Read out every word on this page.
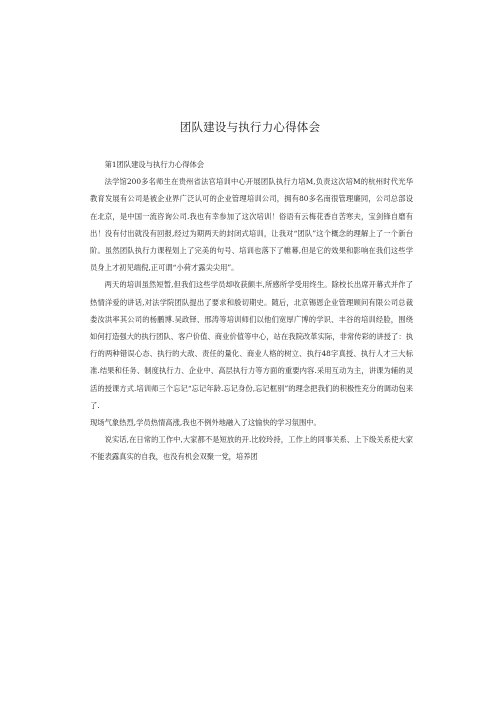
团队建设与执行力心得体会

第1团队建设与执行力心得体会

法学馆200多名师生在贵州省法官培训中心开展团队执行力培M,负责这次培M的杭州时代光华教育发展有公司是被企业界广泛认可的企业管理培训公司，拥有80多名南很管理廉同，公司总部设在北京，是中国一流咨询公司.我也有幸参加了这次培训！俗语有云梅花香自苦寒夫，宝剑锋自磨有出！没有付出就没有回报,经过为期两天的封闭式培训，让我对“团队”这个概念的理解上了一个新台阶。虽然团队执行力课程划上了完美的句号、培训也落下了帷幕,但是它的效果和影响在我们这些学员身上才初见端倪,正可谓“小荷才露尖尖用”。

两天的培训虽然短暂,但我们这些学员却收获颇丰,所感所学受用终生。除校长出席开幕式并作了热情洋爱的讲话,对法学院团队提出了要求和殷切期史。随后，北京锡恩企业管理顾问有限公司总裁娄汝洪率其公司的杨鹏博.吴政铎、邢涛等培训师们以他们宽厚广博的学识、丰谷的培训经脸，围绕如何打造强大的执行团队、客户价值、商业价值等中心，站在我院改革实际，非常传彩的讲授了：执行的两种错误心态、执行的大敌、责任的量化、商业人格的树立、执行48字真授、执行人才三大标准.结果和任务、制度执行力、企业中、高层执行力等方面的重要内容.采用互动为主，讲课为辅的灵活的授课方式.培训师三个忘记“忘记年龄.忘记身份,忘记框别”的理念把我们的积极性充分的调动包来了.

现场气象热烈,学员热情高涨,我也不例外地融入了这愉快的学习氛围中。

说实话,在日常的工作中,大家都不是短放的开.比较玲持，工作上的同事关系、上下级关系使大家不能表露真实的自我，也没有机会双聚一党，培养团
